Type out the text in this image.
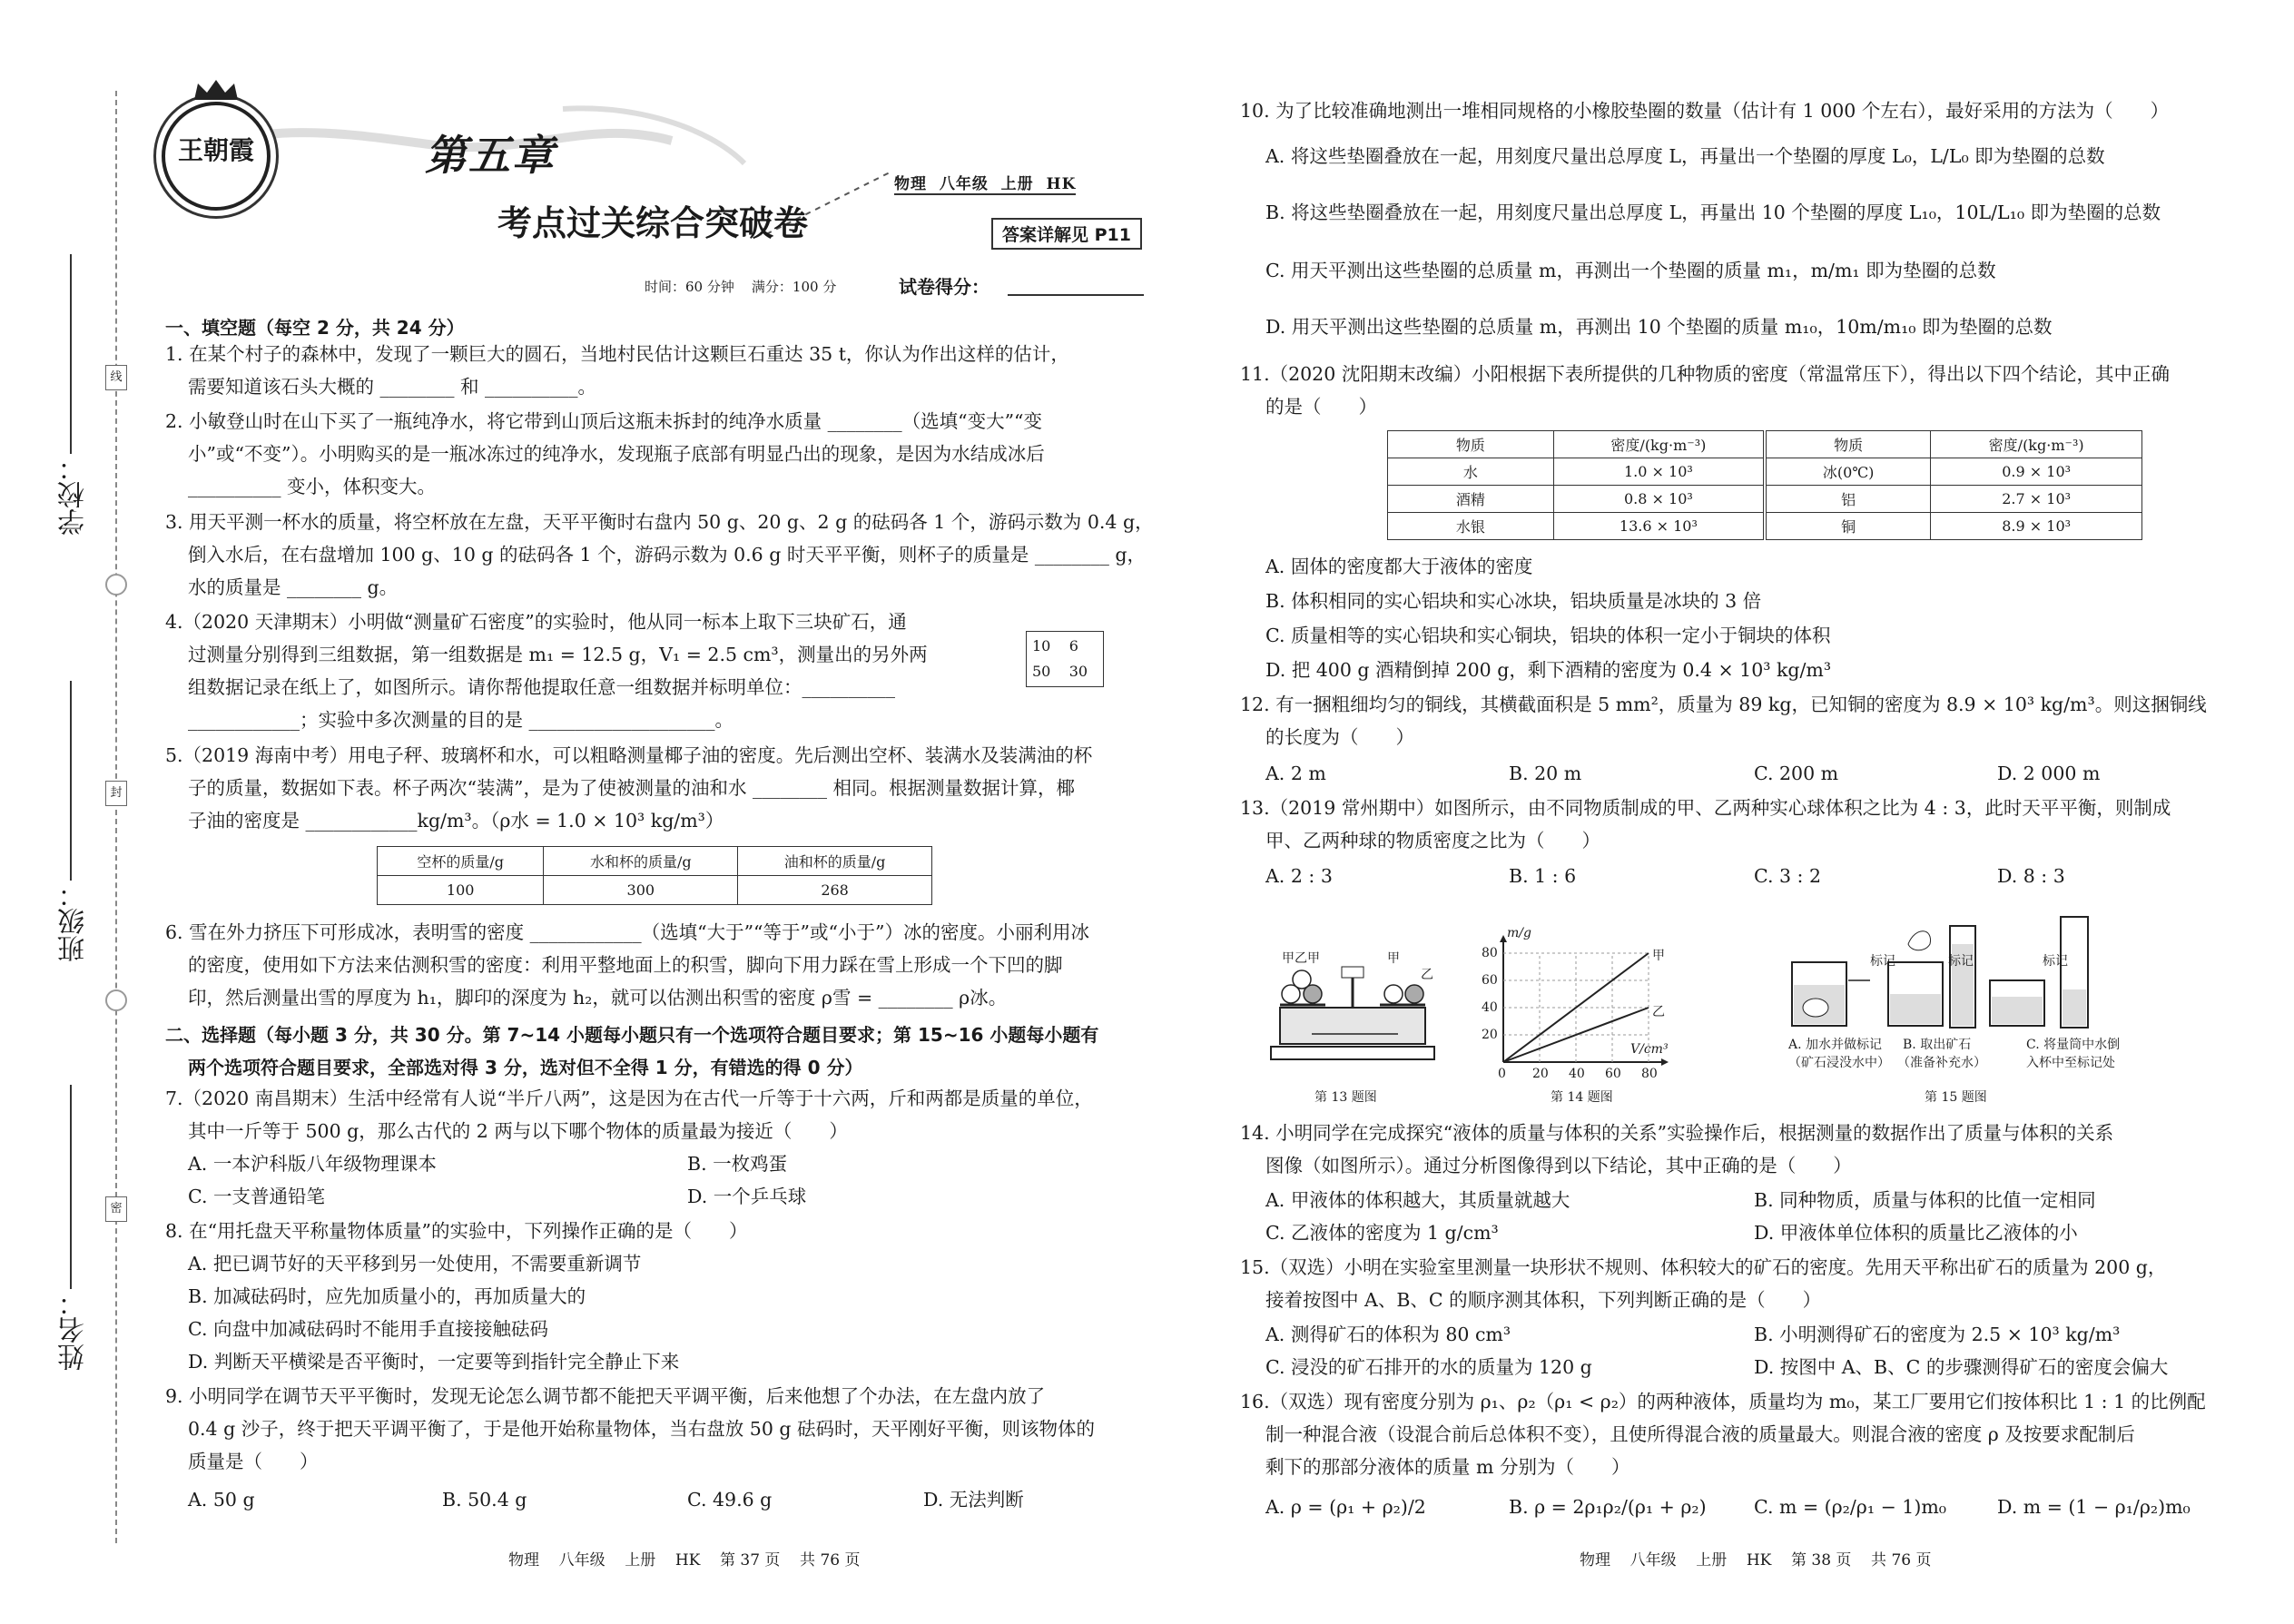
线
封
密
学校：
班级：
姓名：
王朝霞	第五章
考点过关综合突破卷
物理  八年级  上册  HK
答案详解见 P11
时间：60 分钟    满分：100 分	试卷得分：
一、填空题（每空 2 分，共 24 分）
1. 在某个村子的森林中，发现了一颗巨大的圆石，当地村民估计这颗巨石重达 35 t，你认为作出这样的估计，
需要知道该石头大概的 ________ 和 __________。
2. 小敏登山时在山下买了一瓶纯净水，将它带到山顶后这瓶未拆封的纯净水质量 ________（选填“变大”“变
小”或“不变”）。小明购买的是一瓶冰冻过的纯净水，发现瓶子底部有明显凸出的现象，是因为水结成冰后
__________ 变小，体积变大。
3. 用天平测一杯水的质量，将空杯放在左盘，天平平衡时右盘内 50 g、20 g、2 g 的砝码各 1 个，游码示数为 0.4 g，
倒入水后，在右盘增加 100 g、10 g 的砝码各 1 个，游码示数为 0.6 g 时天平平衡，则杯子的质量是 ________ g，
水的质量是 ________ g。
4.（2020 天津期末）小明做“测量矿石密度”的实验时，他从同一标本上取下三块矿石，通
过测量分别得到三组数据，第一组数据是 m₁ = 12.5 g，V₁ = 2.5 cm³，测量出的另外两
组数据记录在纸上了，如图所示。请你帮他提取任意一组数据并标明单位：__________
____________；实验中多次测量的目的是 ____________________。
10    6
50    30
5.（2019 海南中考）用电子秤、玻璃杯和水，可以粗略测量椰子油的密度。先后测出空杯、装满水及装满油的杯
子的质量，数据如下表。杯子两次“装满”，是为了使被测量的油和水 ________ 相同。根据测量数据计算，椰
子油的密度是 ____________kg/m³。（ρ水 = 1.0 × 10³ kg/m³）
空杯的质量/g	水和杯的质量/g	油和杯的质量/g
100	300	268
6. 雪在外力挤压下可形成冰，表明雪的密度 ____________（选填“大于”“等于”或“小于”）冰的密度。小丽利用冰
的密度，使用如下方法来估测积雪的密度：利用平整地面上的积雪，脚向下用力踩在雪上形成一个下凹的脚
印，然后测量出雪的厚度为 h₁，脚印的深度为 h₂，就可以估测出积雪的密度 ρ雪 = ________ ρ冰。
二、选择题（每小题 3 分，共 30 分。第 7~14 小题每小题只有一个选项符合题目要求；第 15~16 小题每小题有
两个选项符合题目要求，全部选对得 3 分，选对但不全得 1 分，有错选的得 0 分）
7.（2020 南昌期末）生活中经常有人说“半斤八两”，这是因为在古代一斤等于十六两，斤和两都是质量的单位，
其中一斤等于 500 g，那么古代的 2 两与以下哪个物体的质量最为接近（　　）
A. 一本沪科版八年级物理课本	B. 一枚鸡蛋
C. 一支普通铅笔	D. 一个乒乓球
8. 在“用托盘天平称量物体质量”的实验中，下列操作正确的是（　　）
A. 把已调节好的天平移到另一处使用，不需要重新调节
B. 加减砝码时，应先加质量小的，再加质量大的
C. 向盘中加减砝码时不能用手直接接触砝码
D. 判断天平横梁是否平衡时，一定要等到指针完全静止下来
9. 小明同学在调节天平平衡时，发现无论怎么调节都不能把天平调平衡，后来他想了个办法，在左盘内放了
0.4 g 沙子，终于把天平调平衡了，于是他开始称量物体，当右盘放 50 g 砝码时，天平刚好平衡，则该物体的
质量是（　　）
A. 50 g	B. 50.4 g	C. 49.6 g	D. 无法判断
物理    八年级    上册    HK    第 37 页    共 76 页
10. 为了比较准确地测出一堆相同规格的小橡胶垫圈的数量（估计有 1 000 个左右），最好采用的方法为（　　）
A. 将这些垫圈叠放在一起，用刻度尺量出总厚度 L，再量出一个垫圈的厚度 L₀，L/L₀ 即为垫圈的总数
B. 将这些垫圈叠放在一起，用刻度尺量出总厚度 L，再量出 10 个垫圈的厚度 L₁₀，10L/L₁₀ 即为垫圈的总数
C. 用天平测出这些垫圈的总质量 m，再测出一个垫圈的质量 m₁，m/m₁ 即为垫圈的总数
D. 用天平测出这些垫圈的总质量 m，再测出 10 个垫圈的质量 m₁₀，10m/m₁₀ 即为垫圈的总数
11.（2020 沈阳期末改编）小阳根据下表所提供的几种物质的密度（常温常压下），得出以下四个结论，其中正确
的是（　　）
物质	密度/(kg·m⁻³)	物质	密度/(kg·m⁻³)
水	1.0 × 10³	冰(0℃)	0.9 × 10³
酒精	0.8 × 10³	铝	2.7 × 10³
水银	13.6 × 10³	铜	8.9 × 10³
A. 固体的密度都大于液体的密度
B. 体积相同的实心铝块和实心冰块，铝块质量是冰块的 3 倍
C. 质量相等的实心铝块和实心铜块，铝块的体积一定小于铜块的体积
D. 把 400 g 酒精倒掉 200 g，剩下酒精的密度为 0.4 × 10³ kg/m³
12. 有一捆粗细均匀的铜线，其横截面积是 5 mm²，质量为 89 kg，已知铜的密度为 8.9 × 10³ kg/m³。则这捆铜线
的长度为（　　）
A. 2 m	B. 20 m	C. 200 m	D. 2 000 m
13.（2019 常州期中）如图所示，由不同物质制成的甲、乙两种实心球体积之比为 4 : 3，此时天平平衡，则制成
甲、乙两种球的物质密度之比为（　　）
A. 2 : 3	B. 1 : 6	C. 3 : 2	D. 8 : 3
甲乙甲	甲
乙
第 13 题图
m/g
V/cm³
80
60
40
20
0 20 40 60 80
甲
乙
第 14 题图
标记	标记	标记
A. 加水并做标记
（矿石浸没水中）
B. 取出矿石
（准备补充水）
C. 将量筒中水倒
入杯中至标记处
第 15 题图
14. 小明同学在完成探究“液体的质量与体积的关系”实验操作后，根据测量的数据作出了质量与体积的关系
图像（如图所示）。通过分析图像得到以下结论，其中正确的是（　　）
A. 甲液体的体积越大，其质量就越大	B. 同种物质，质量与体积的比值一定相同
C. 乙液体的密度为 1 g/cm³	D. 甲液体单位体积的质量比乙液体的小
15.（双选）小明在实验室里测量一块形状不规则、体积较大的矿石的密度。先用天平称出矿石的质量为 200 g，
接着按图中 A、B、C 的顺序测其体积，下列判断正确的是（　　）
A. 测得矿石的体积为 80 cm³	B. 小明测得矿石的密度为 2.5 × 10³ kg/m³
C. 浸没的矿石排开的水的质量为 120 g	D. 按图中 A、B、C 的步骤测得矿石的密度会偏大
16.（双选）现有密度分别为 ρ₁、ρ₂（ρ₁ < ρ₂）的两种液体，质量均为 m₀，某工厂要用它们按体积比 1 : 1 的比例配
制一种混合液（设混合前后总体积不变），且使所得混合液的质量最大。则混合液的密度 ρ 及按要求配制后
剩下的那部分液体的质量 m 分别为（　　）
A. ρ = (ρ₁ + ρ₂)/2	B. ρ = 2ρ₁ρ₂/(ρ₁ + ρ₂)	C. m = (ρ₂/ρ₁ − 1)m₀	D. m = (1 − ρ₁/ρ₂)m₀
物理    八年级    上册    HK    第 38 页    共 76 页
